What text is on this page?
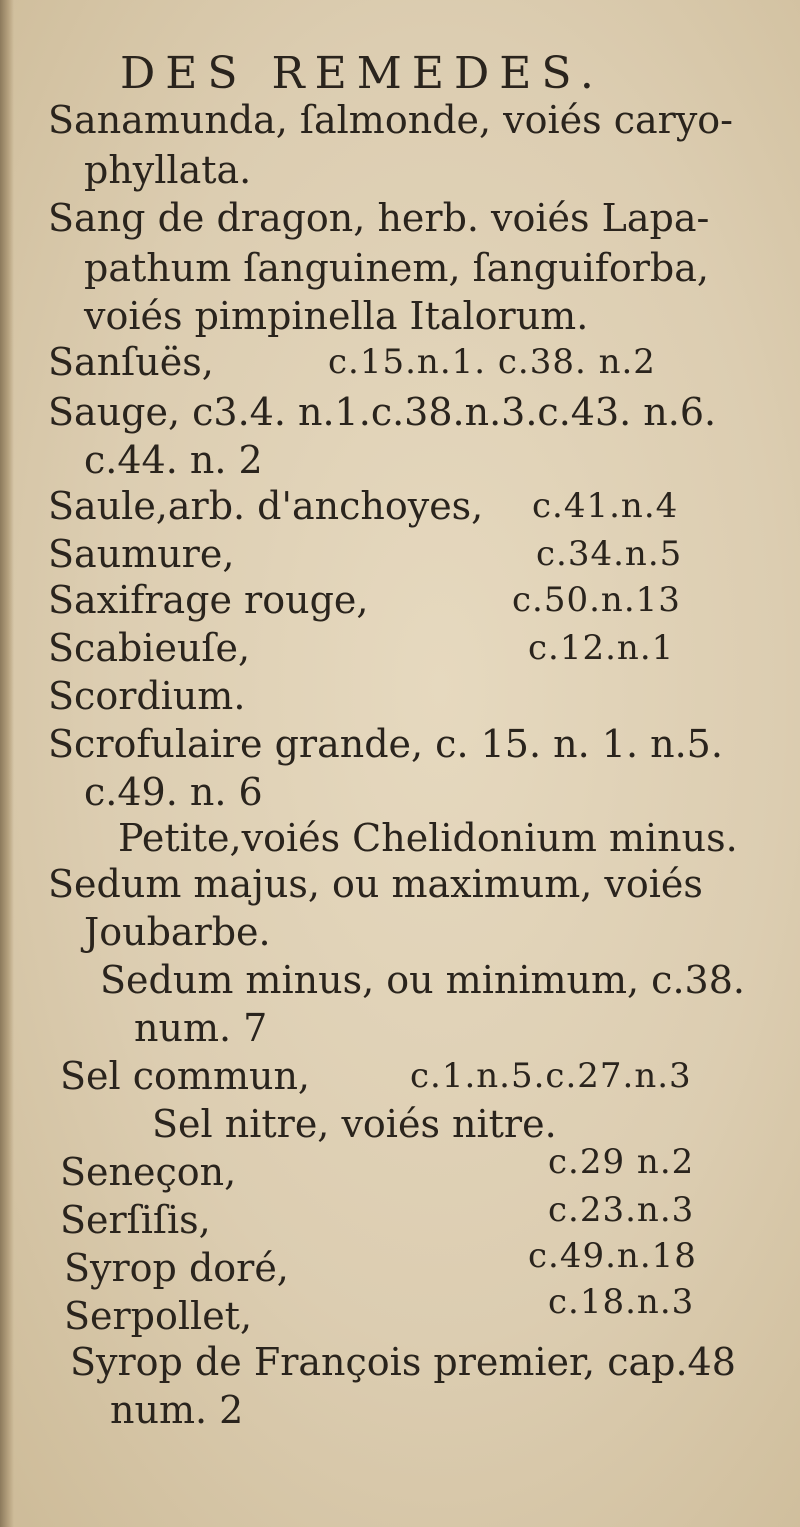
DES REMEDES.
Sanamunda, ſalmonde, voiés caryo-
phyllata.
Sang de dragon, herb. voiés Lapa-
pathum ſanguinem, ſanguiforba,
voiés pimpinella Italorum.
Sanſuës,	c.15.n.1. c.38. n.2
Sauge, c3.4. n.1.c.38.n.3.c.43. n.6.
c.44. n. 2
Saule,arb. d'anchoyes, c.41.n.4
Saumure,	c.34.n.5
Saxifrage rouge,	c.50.n.13
Scabieuſe,	c.12.n.1
Scordium.
Scrofulaire grande, c. 15. n. 1. n.5.
c.49. n. 6
Petite,voiés Chelidonium minus.
Sedum majus, ou maximum, voiés
Joubarbe.
Sedum minus, ou minimum, c.38.
num. 7
Sel commun,	c.1.n.5.c.27.n.3
Sel nitre, voiés nitre.
Seneçon,	c.29 n.2
Serſiſis,	c.23.n.3
Syrop doré,	c.49.n.18
Serpollet,	c.18.n.3
Syrop de François premier, cap.48
num. 2
